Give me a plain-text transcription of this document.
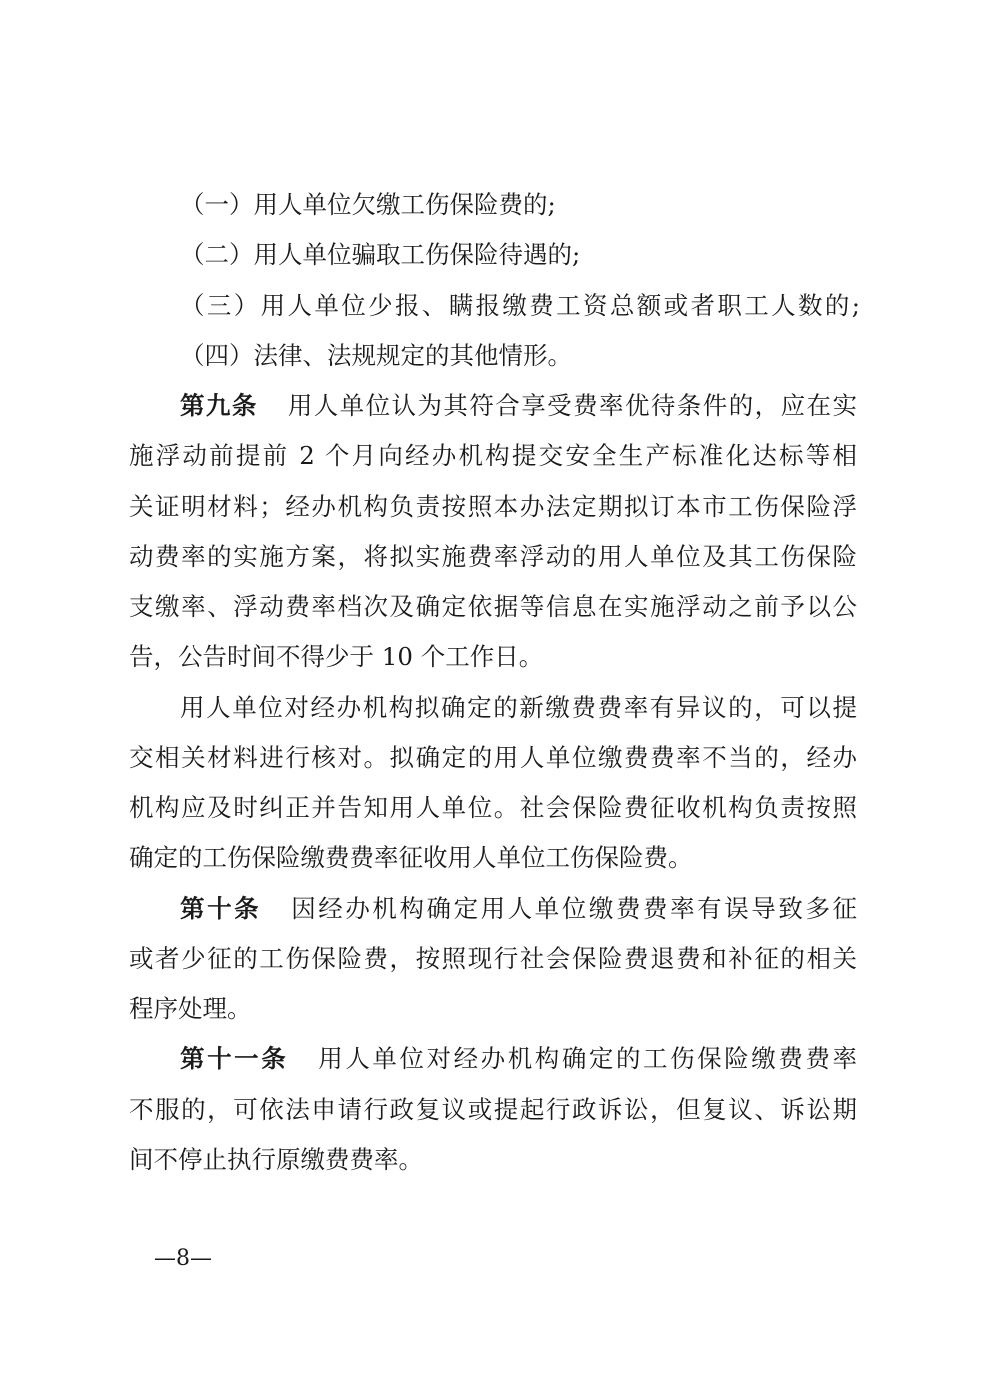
（一）用人单位欠缴工伤保险费的;
（二）用人单位骗取工伤保险待遇的;
（三）用人单位少报、瞒报缴费工资总额或者职工人数的;
（四）法律、法规规定的其他情形。
第九条 用人单位认为其符合享受费率优待条件的，应在实
施浮动前提前 2 个月向经办机构提交安全生产标准化达标等相
关证明材料；经办机构负责按照本办法定期拟订本市工伤保险浮
动费率的实施方案，将拟实施费率浮动的用人单位及其工伤保险
支缴率、浮动费率档次及确定依据等信息在实施浮动之前予以公
告，公告时间不得少于 10 个工作日。
用人单位对经办机构拟确定的新缴费费率有异议的，可以提
交相关材料进行核对。拟确定的用人单位缴费费率不当的，经办
机构应及时纠正并告知用人单位。社会保险费征收机构负责按照
确定的工伤保险缴费费率征收用人单位工伤保险费。
第十条 因经办机构确定用人单位缴费费率有误导致多征
或者少征的工伤保险费，按照现行社会保险费退费和补征的相关
程序处理。
第十一条 用人单位对经办机构确定的工伤保险缴费费率
不服的，可依法申请行政复议或提起行政诉讼，但复议、诉讼期
间不停止执行原缴费费率。
—8—
